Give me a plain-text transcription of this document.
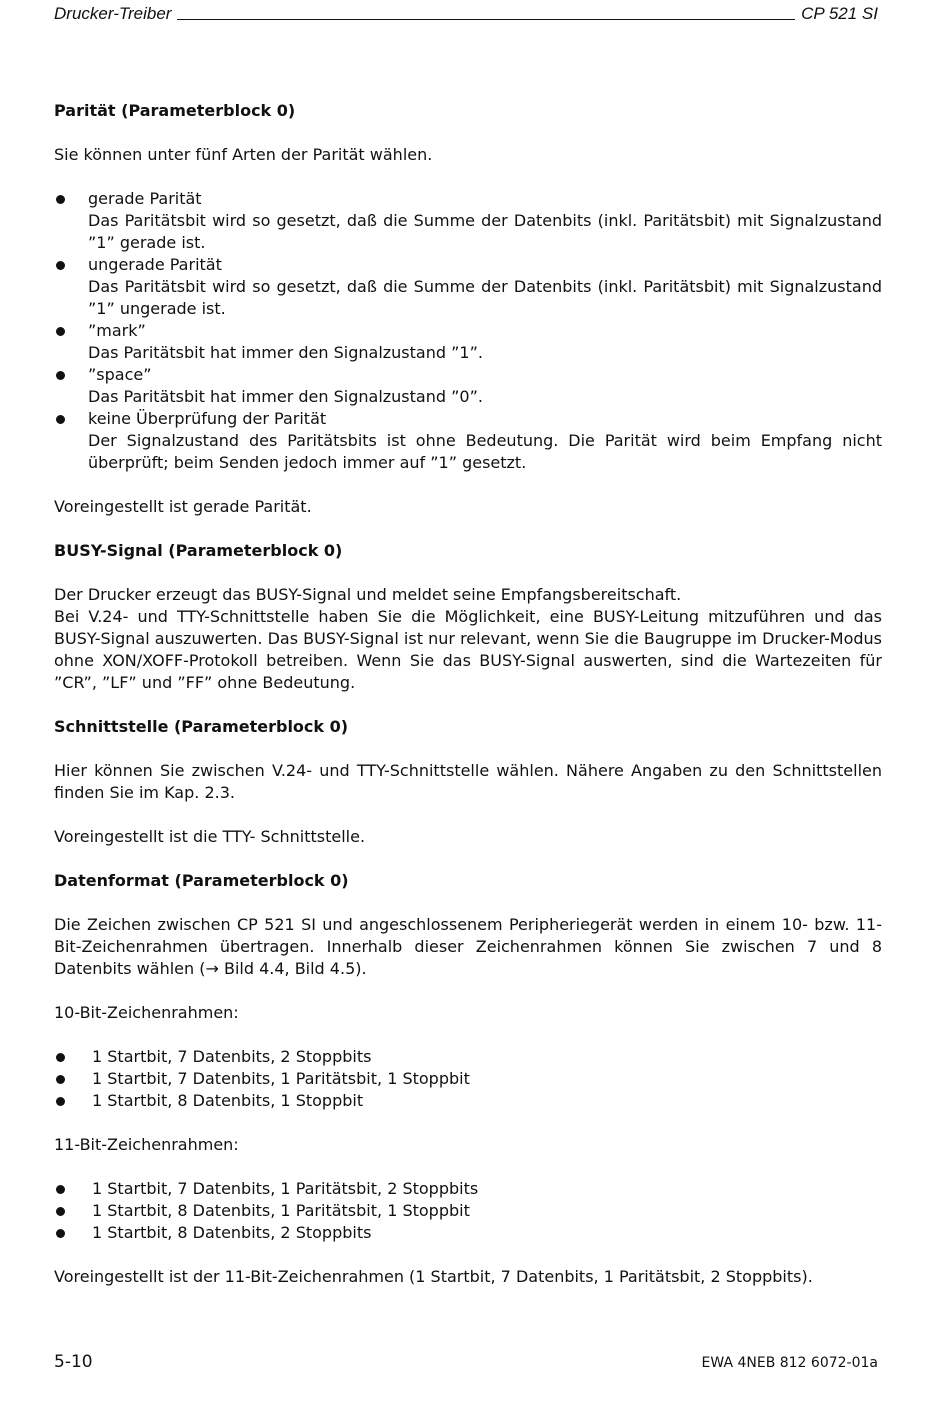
Drucker-Treiber	CP 521 SI
Parität (Parameterblock 0)

Sie können unter fünf Arten der Parität wählen.

gerade Parität
Das Paritätsbit wird so gesetzt, daß die Summe der Datenbits (inkl. Paritätsbit) mit Signalzustand ”1” gerade ist.
ungerade Parität
Das Paritätsbit wird so gesetzt, daß die Summe der Datenbits (inkl. Paritätsbit) mit Signalzustand ”1” ungerade ist.
”mark”
Das Paritätsbit hat immer den Signalzustand ”1”.
”space”
Das Paritätsbit hat immer den Signalzustand ”0”.
keine Überprüfung der Parität
Der Signalzustand des Paritätsbits ist ohne Bedeutung. Die Parität wird beim Empfang nicht überprüft; beim Senden jedoch immer auf ”1” gesetzt.

Voreingestellt ist gerade Parität.

BUSY-Signal (Parameterblock 0)

Der Drucker erzeugt das BUSY-Signal und meldet seine Empfangsbereitschaft.

Bei V.24- und TTY-Schnittstelle haben Sie die Möglichkeit, eine BUSY-Leitung mitzuführen und das BUSY-Signal auszuwerten. Das BUSY-Signal ist nur relevant, wenn Sie die Baugruppe im Drucker-Modus ohne XON/XOFF-Protokoll betreiben. Wenn Sie das BUSY-Signal auswerten, sind die Wartezeiten für ”CR”, ”LF” und ”FF” ohne Bedeutung.

Schnittstelle (Parameterblock 0)

Hier können Sie zwischen V.24- und TTY-Schnittstelle wählen. Nähere Angaben zu den Schnittstellen finden Sie im Kap. 2.3.

Voreingestellt ist die TTY- Schnittstelle.

Datenformat (Parameterblock 0)

Die Zeichen zwischen CP 521 SI und angeschlossenem Peripheriegerät werden in einem 10- bzw. 11-Bit-Zeichenrahmen übertragen. Innerhalb dieser Zeichenrahmen können Sie zwischen 7 und 8 Datenbits wählen (→ Bild 4.4, Bild 4.5).

10-Bit-Zeichenrahmen:

1 Startbit, 7 Datenbits, 2 Stoppbits
1 Startbit, 7 Datenbits, 1 Paritätsbit, 1 Stoppbit
1 Startbit, 8 Datenbits, 1 Stoppbit

11-Bit-Zeichenrahmen:

1 Startbit, 7 Datenbits, 1 Paritätsbit, 2 Stoppbits
1 Startbit, 8 Datenbits, 1 Paritätsbit, 1 Stoppbit
1 Startbit, 8 Datenbits, 2 Stoppbits

Voreingestellt ist der 11-Bit-Zeichenrahmen (1 Startbit, 7 Datenbits, 1 Paritätsbit, 2 Stoppbits).

5-10	EWA 4NEB 812 6072-01a
